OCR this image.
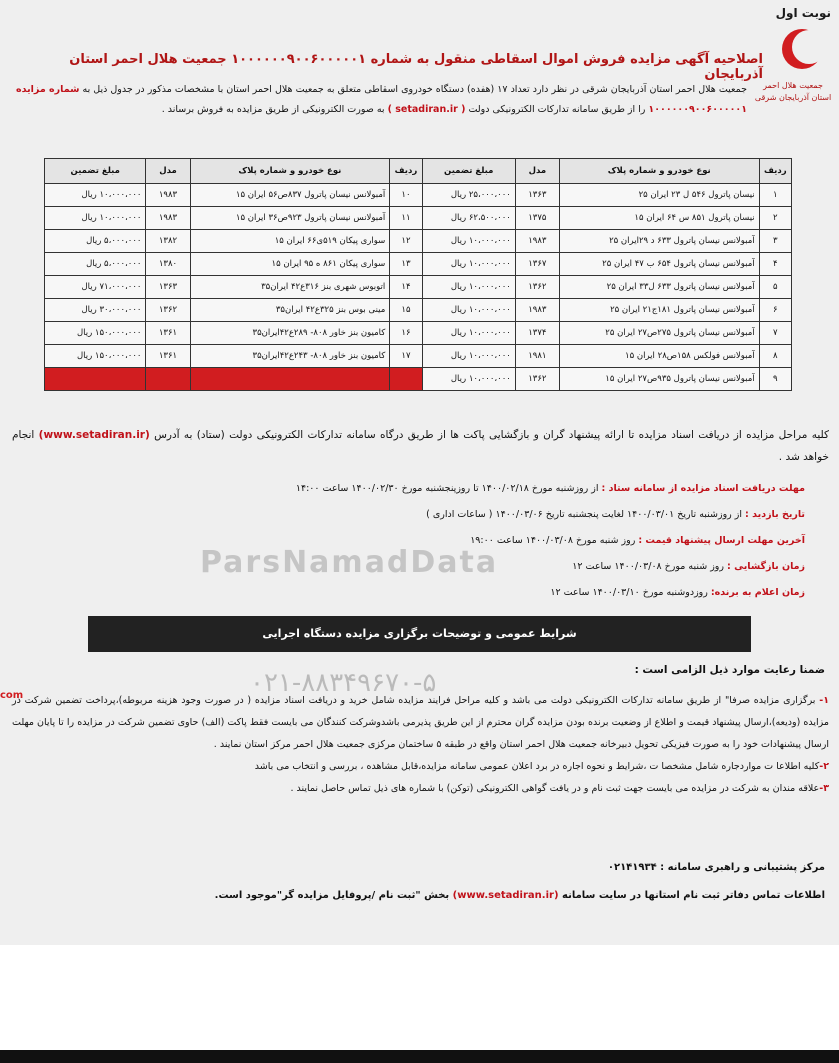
نوبت اول
اصلاحیه آگهی مزایده فروش اموال اسقاطی منقول به شماره ۱۰۰۰۰۰۰۹۰۰۶۰۰۰۰۰۱ جمعیت هلال احمر استان آذربایجان
جمعیت هلال احمر
استان آذربایجان شرقی
جمعیت هلال احمر استان آذربایجان شرقی در نظر دارد تعداد ۱۷ (هفده) دستگاه خودروی اسقاطی متعلق به جمعیت هلال احمر استان با مشخصات مذکور در جدول ذیل به شماره مزایده ۱۰۰۰۰۰۰۹۰۰۶۰۰۰۰۰۱ را از طریق سامانه تدارکات الکترونیکی دولت ( setadiran.ir ) به صورت الکترونیکی از طریق مزایده به فروش برساند .
ردیف	نوع خودرو و شماره پلاک	مدل	مبلغ تضمین	ردیف	نوع خودرو و شماره پلاک	مدل	مبلغ تضمین
۱	نیسان پاترول ۵۴۶ ل ۲۳ ایران ۲۵	۱۳۶۳	۲۵،۰۰۰،۰۰۰ ریال	۱۰	آمبولانس نیسان پاترول ۸۳۷ص۵۶ ایران ۱۵	۱۹۸۳	۱۰،۰۰۰،۰۰۰ ریال
۲	نیسان پاترول ۸۵۱ س ۶۴ ایران ۱۵	۱۳۷۵	۶۲،۵۰۰،۰۰۰ ریال	۱۱	آمبولانس نیسان پاترول ۹۲۳ص۳۶ ایران ۱۵	۱۹۸۳	۱۰،۰۰۰،۰۰۰ ریال
۳	آمبولانس نیسان پاترول ۶۳۳ د ۲۹ایران ۲۵	۱۹۸۳	۱۰،۰۰۰،۰۰۰ ریال	۱۲	سواری پیکان ۵۱۹ی۶۶ ایران ۱۵	۱۳۸۲	۵،۰۰۰،۰۰۰ ریال
۴	آمبولانس نیسان پاترول ۶۵۴ ب ۴۷ ایران ۲۵	۱۳۶۷	۱۰،۰۰۰،۰۰۰ ریال	۱۳	سواری پیکان ۸۶۱ ه ۹۵ ایران ۱۵	۱۳۸۰	۵،۰۰۰،۰۰۰ ریال
۵	آمبولانس نیسان پاترول ۶۳۳ ل۳۳ ایران ۲۵	۱۳۶۲	۱۰،۰۰۰،۰۰۰ ریال	۱۴	اتوبوس شهری بنز ۳۱۶ع۴۲ ایران۳۵	۱۳۶۳	۷۱،۰۰۰،۰۰۰ ریال
۶	آمبولانس نیسان پاترول ۱۸۱ج۲۱ ایران ۲۵	۱۹۸۳	۱۰،۰۰۰،۰۰۰ ریال	۱۵	مینی بوس بنز ۳۲۵ع۴۲ ایران۳۵	۱۳۶۲	۳۰،۰۰۰،۰۰۰ ریال
۷	آمبولانس نیسان پاترول ۲۷۵ص۲۷ ایران ۲۵	۱۳۷۴	۱۰،۰۰۰،۰۰۰ ریال	۱۶	کامیون بنز خاور ۸۰۸- ۲۸۹ع۴۲ایران۳۵	۱۳۶۱	۱۵۰،۰۰۰،۰۰۰ ریال
۸	آمبولانس فولکس ۱۵۸ص۲۸ ایران ۱۵	۱۹۸۱	۱۰،۰۰۰،۰۰۰ ریال	۱۷	کامیون بنز خاور ۸۰۸- ۲۴۳ع۴۲ایران۳۵	۱۳۶۱	۱۵۰،۰۰۰،۰۰۰ ریال
۹	آمبولانس نیسان پاترول ۹۳۵ص۲۷ ایران ۱۵	۱۳۶۲	۱۰،۰۰۰،۰۰۰ ریال				
کلیه مراحل مزایده از دریافت اسناد مزایده تا ارائه پیشنهاد گران و بازگشایی پاکت ها از طریق درگاه سامانه تدارکات الکترونیکی دولت (ستاد) به آدرس (www.setadiran.ir) انجام خواهد شد .
مهلت دریافت اسناد مزایده از سامانه ستاد : از روزشنبه مورخ ۱۴۰۰/۰۲/۱۸ تا روزپنجشنبه مورخ ۱۴۰۰/۰۲/۳۰ ساعت ۱۴:۰۰
تاریخ بازدید : از روزشنبه تاریخ ۱۴۰۰/۰۳/۰۱ لغایت پنجشنبه تاریخ ۱۴۰۰/۰۳/۰۶ ( ساعات اداری )
آخرین مهلت ارسال پیشنهاد قیمت : روز شنبه مورخ ۱۴۰۰/۰۳/۰۸ ساعت ۱۹:۰۰
زمان بازگشایی : روز شنبه مورخ ۱۴۰۰/۰۳/۰۸ ساعت ۱۲
زمان اعلام به برنده: روزدوشنبه مورخ ۱۴۰۰/۰۳/۱۰ ساعت ۱۲
ParsNamadData
۰۲۱-۸۸۳۴۹۶۷۰-۵
شرایط عمومی و توضیحات برگزاری مزایده دستگاه اجرایی
ضمنا رعایت موارد ذیل الزامی است :
۱- برگزاری مزایده صرفا" از طریق سامانه تدارکات الکترونیکی دولت می باشد و کلیه مراحل فرایند مزایده شامل خرید و دریافت اسناد مزایده ( در صورت وجود هزینه مربوطه)،پرداخت تضمین شرکت در مزایده (ودیعه)،ارسال پیشنهاد قیمت و اطلاع از وضعیت برنده بودن مزایده گران محترم از این طریق پذیرمی باشدوشرکت کنندگان می بایست فقط پاکت (الف) حاوی تضمین شرکت در مزایده را تا پایان مهلت ارسال پیشنهادات خود را به صورت فیزیکی تحویل دبیرخانه جمعیت هلال احمر استان واقع در طبقه ۵ ساختمان مرکزی جمعیت هلال احمر مرکز استان نمایند .
۲-کلیه اطلاعا ت مواردجاره شامل مشخصا ت ،شرایط و نحوه اجاره در برد اعلان عمومی سامانه مزایده،قابل مشاهده ، بررسی و انتخاب می باشد
۳-علاقه مندان به شرکت در مزایده می بایست جهت ثبت نام و در یافت گواهی الکترونیکی (توکن) با شماره های ذیل تماس حاصل نمایند .
مرکز پشتیبانی و راهبری سامانه : ۰۲۱۴۱۹۳۴
اطلاعات تماس دفاتر ثبت نام استانها در سایت سامانه (www.setadiran.ir) بخش "ثبت نام /پروفایل مزایده گر"موجود است.
com
